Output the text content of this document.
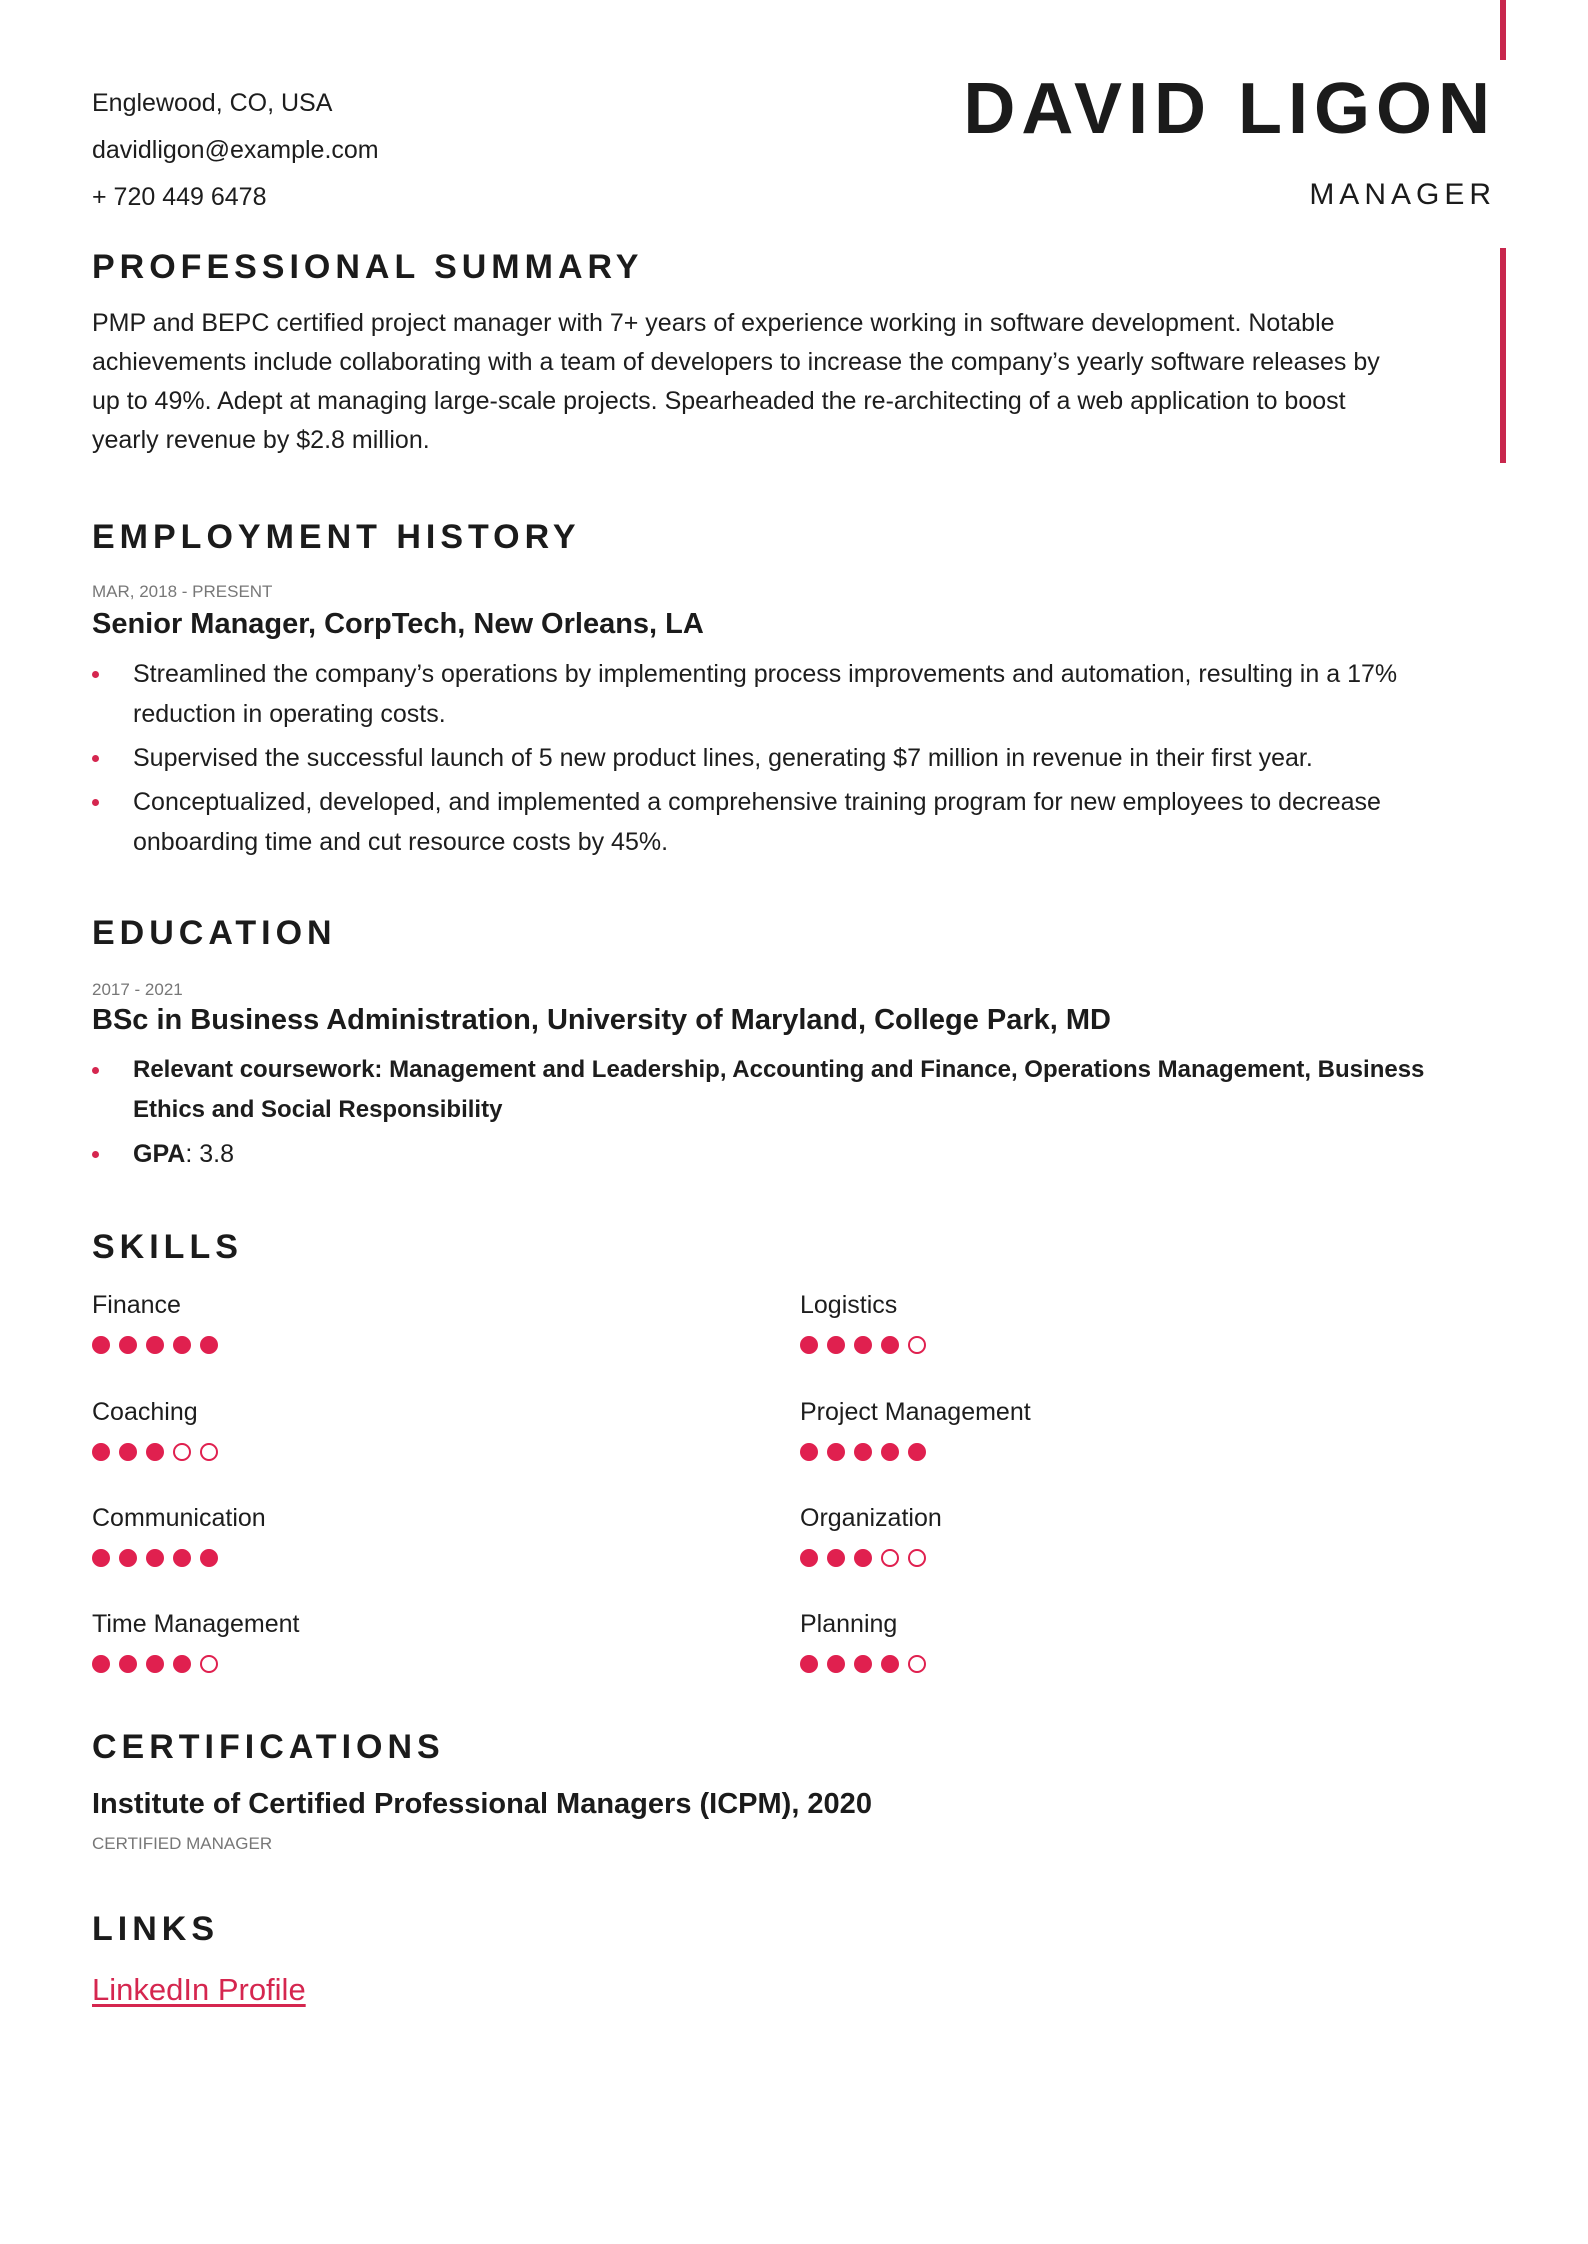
Englewood, CO, USA
davidligon@example.com
+ 720 449 6478
DAVID LIGON
MANAGER
PROFESSIONAL SUMMARY
PMP and BEPC certified project manager with 7+ years of experience working in software development. Notable achievements include collaborating with a team of developers to increase the company’s yearly software releases by up to 49%. Adept at managing large-scale projects. Spearheaded the re-architecting of a web application to boost yearly revenue by $2.8 million.
EMPLOYMENT HISTORY
MAR, 2018 - PRESENT
Senior Manager, CorpTech, New Orleans, LA
Streamlined the company’s operations by implementing process improvements and automation, resulting in a 17% reduction in operating costs.
Supervised the successful launch of 5 new product lines, generating $7 million in revenue in their first year.
Conceptualized, developed, and implemented a comprehensive training program for new employees to decrease onboarding time and cut resource costs by 45%.
EDUCATION
2017 - 2021
BSc in Business Administration, University of Maryland, College Park, MD
Relevant coursework: Management and Leadership, Accounting and Finance, Operations Management, Business Ethics and Social Responsibility
GPA: 3.8
SKILLS
Finance	Logistics
Coaching	Project Management
Communication	Organization
Time Management	Planning
CERTIFICATIONS
Institute of Certified Professional Managers (ICPM), 2020
CERTIFIED MANAGER
LINKS
LinkedIn Profile
